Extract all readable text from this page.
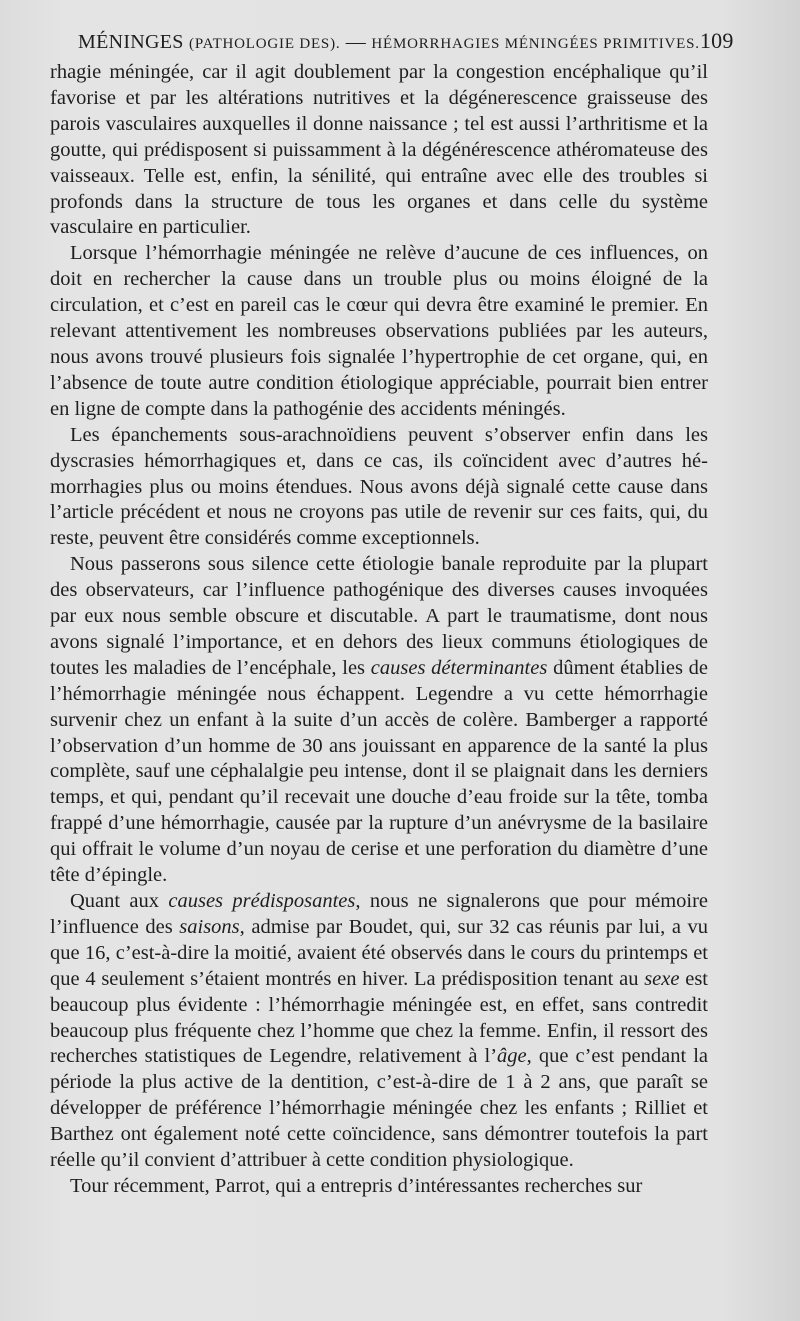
MÉNINGES (PATHOLOGIE DES). — HÉMORRHAGIES MÉNINGÉES PRIMITIVES. 109

rhagie méningée, car il agit doublement par la congestion encéphalique qu’il favorise et par les altérations nutritives et la dégénerescence graisseuse des parois vasculaires auxquelles il donne naissance ; tel est aussi l’arthritisme et la goutte, qui prédisposent si puissamment à la dégénérescence athéromateuse des vaisseaux. Telle est, enfin, la sénilité, qui entraîne avec elle des troubles si profonds dans la structure de tous les organes et dans celle du système vasculaire en particulier.

Lorsque l’hémorrhagie méningée ne relève d’aucune de ces influences, on doit en rechercher la cause dans un trouble plus ou moins éloigné de la circulation, et c’est en pareil cas le cœur qui devra être examiné le premier. En relevant attentivement les nombreuses observations publiées par les auteurs, nous avons trouvé plusieurs fois signalée l’hypertrophie de cet organe, qui, en l’absence de toute autre condition étiologique appréciable, pourrait bien entrer en ligne de compte dans la pathogénie des accidents méningés.

Les épanchements sous-arachnoïdiens peuvent s’observer enfin dans les dyscrasies hémorrhagiques et, dans ce cas, ils coïncident avec d’autres hémorrhagies plus ou moins étendues. Nous avons déjà signalé cette cause dans l’article précédent et nous ne croyons pas utile de revenir sur ces faits, qui, du reste, peuvent être considérés comme exceptionnels.

Nous passerons sous silence cette étiologie banale reproduite par la plupart des observateurs, car l’influence pathogénique des diverses causes invoquées par eux nous semble obscure et discutable. A part le traumatisme, dont nous avons signalé l’importance, et en dehors des lieux communs étiologiques de toutes les maladies de l’encéphale, les causes déterminantes dûment établies de l’hémorrhagie méningée nous échappent. Legendre a vu cette hémorrhagie survenir chez un enfant à la suite d’un accès de colère. Bamberger a rapporté l’observation d’un homme de 30 ans jouissant en apparence de la santé la plus complète, sauf une céphalalgie peu intense, dont il se plaignait dans les derniers temps, et qui, pendant qu’il recevait une douche d’eau froide sur la tête, tomba frappé d’une hémorrhagie, causée par la rupture d’un anévrysme de la basilaire qui offrait le volume d’un noyau de cerise et une perforation du diamètre d’une tête d’épingle.

Quant aux causes prédisposantes, nous ne signalerons que pour mémoire l’influence des saisons, admise par Boudet, qui, sur 32 cas réunis par lui, a vu que 16, c’est-à-dire la moitié, avaient été observés dans le cours du printemps et que 4 seulement s’étaient montrés en hiver. La prédisposition tenant au sexe est beaucoup plus évidente : l’hémorrhagie méningée est, en effet, sans contredit beaucoup plus fréquente chez l’homme que chez la femme. Enfin, il ressort des recherches statistiques de Legendre, relativement à l’âge, que c’est pendant la période la plus active de la dentition, c’est-à-dire de 1 à 2 ans, que paraît se développer de préférence l’hémorrhagie méningée chez les enfants ; Rilliet et Barthez ont également noté cette coïncidence, sans démontrer toutefois la part réelle qu’il convient d’attribuer à cette condition physiologique.

Tour récemment, Parrot, qui a entrepris d’intéressantes recherches sur
